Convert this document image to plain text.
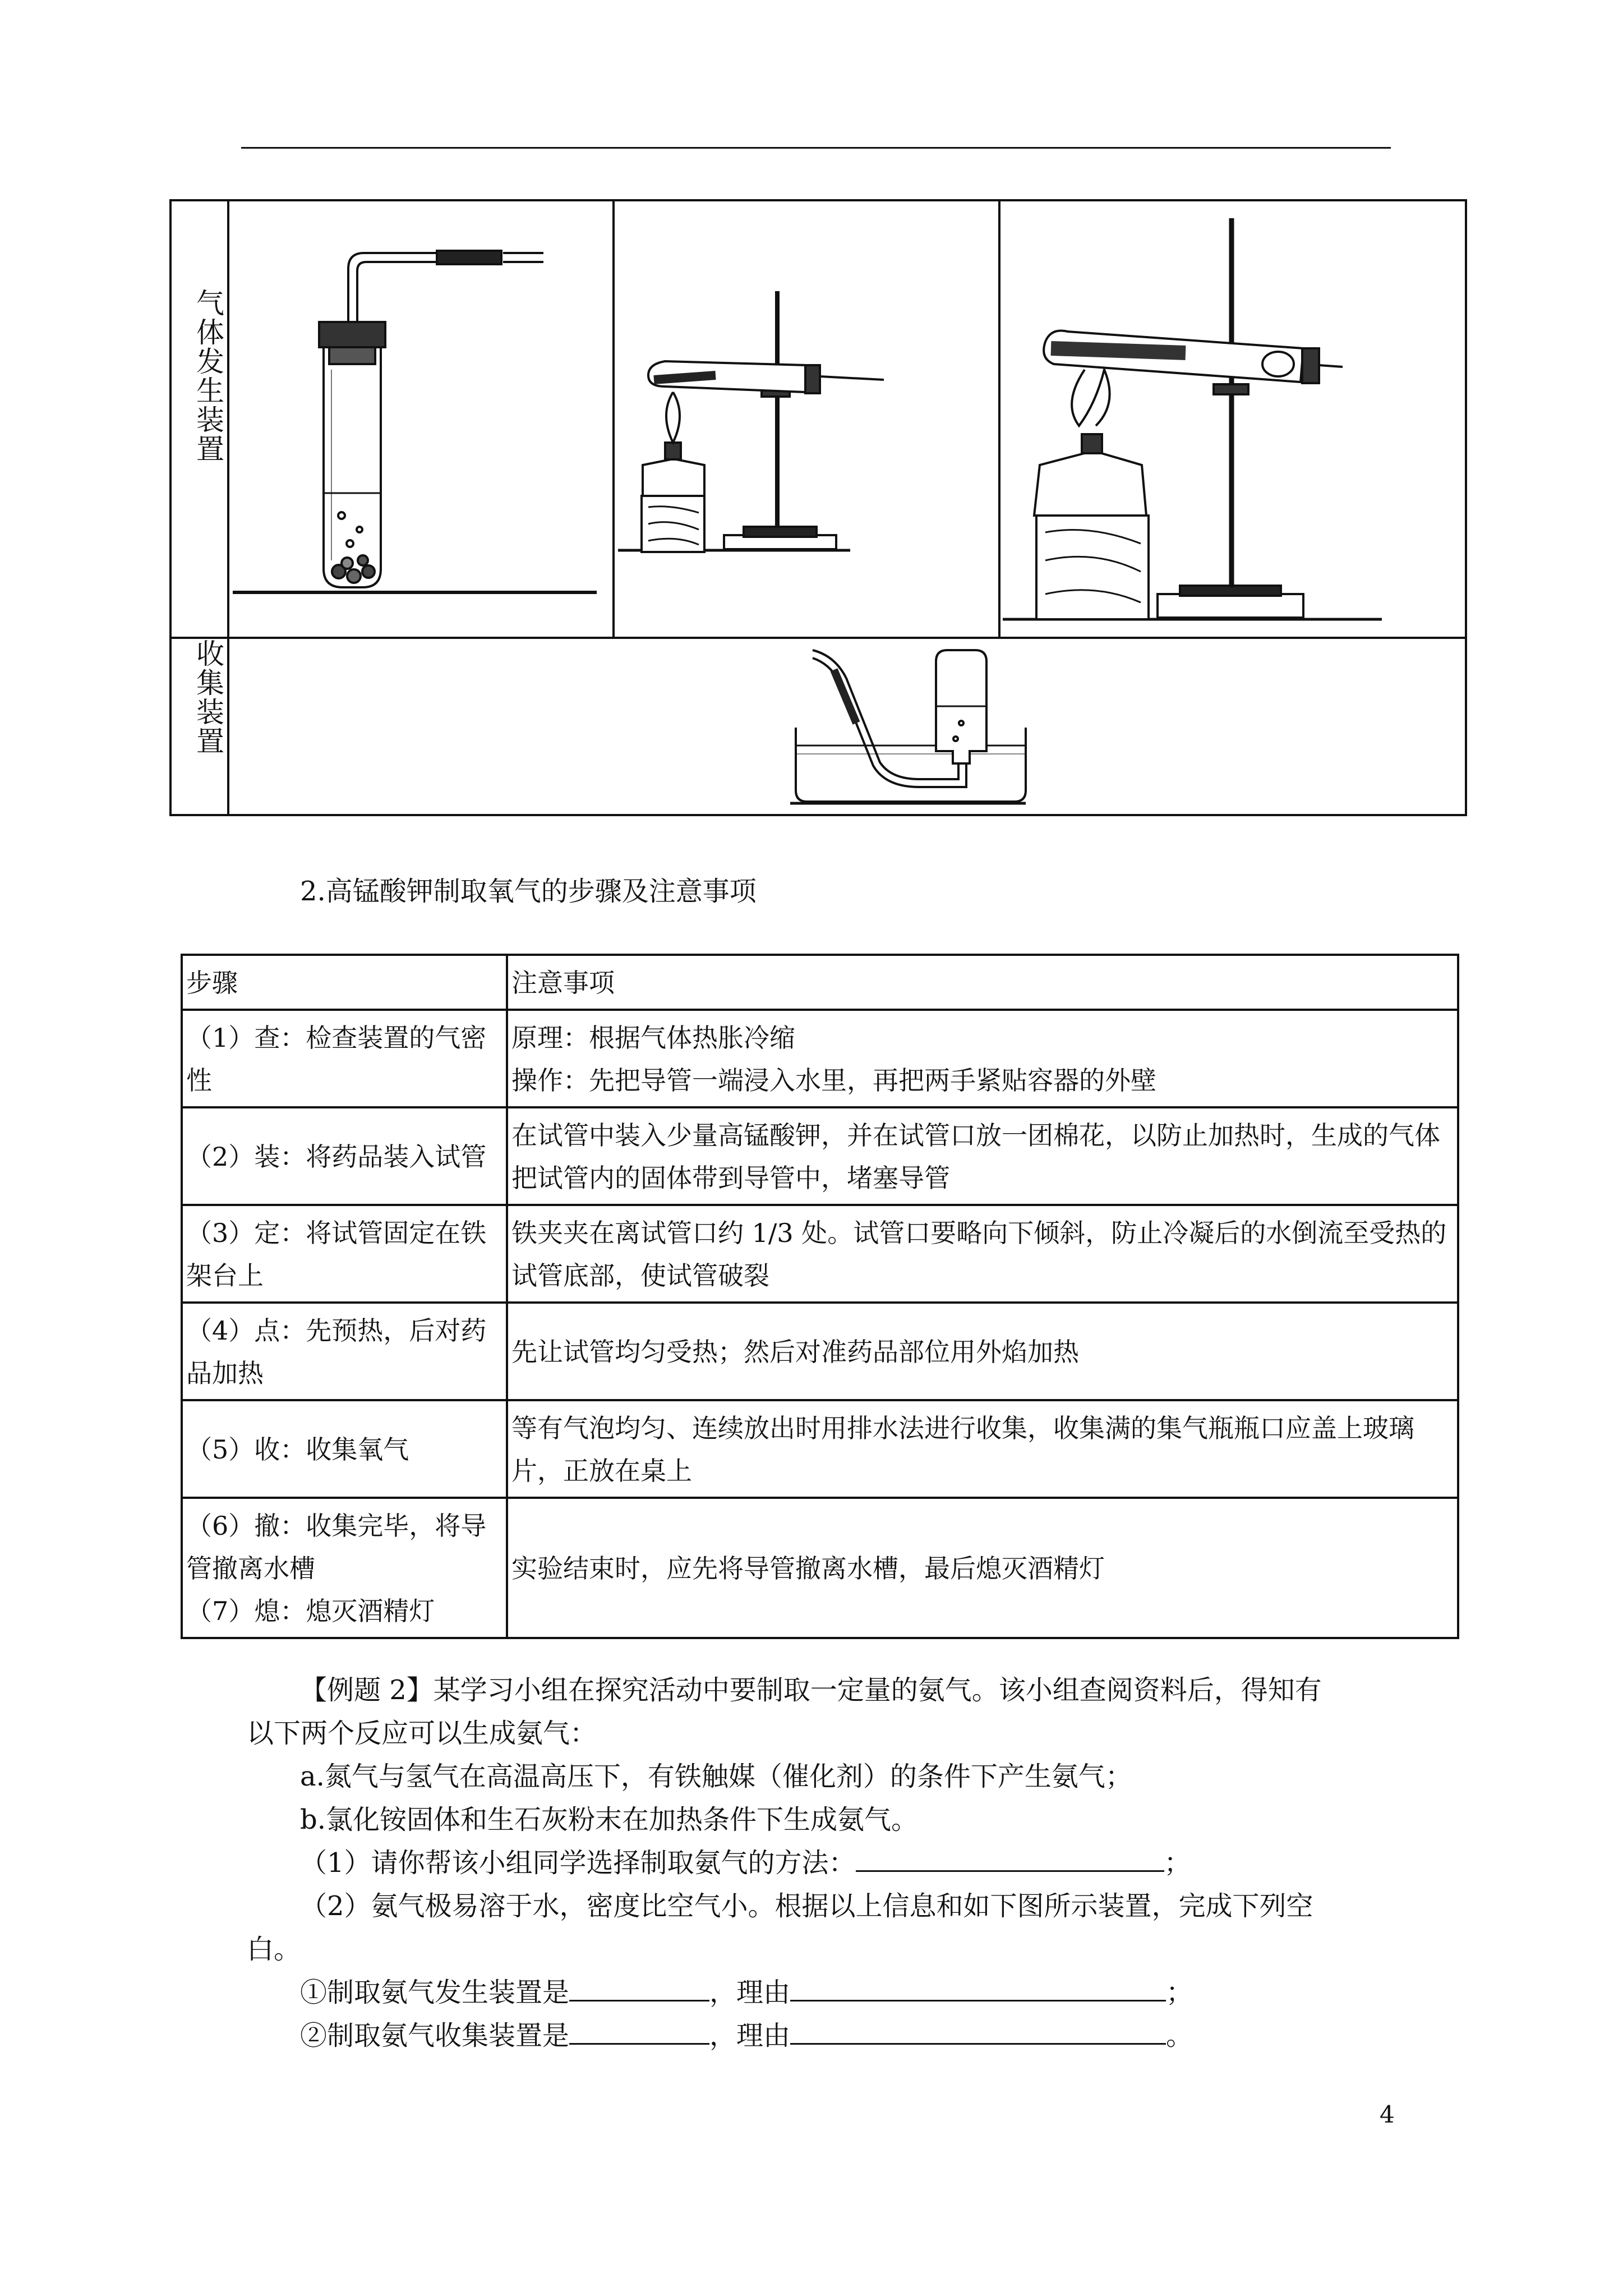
气体发生装置
收集装置
2.高锰酸钾制取氧气的步骤及注意事项
步骤	注意事项
（1）查：检查装置的气密性	原理：根据气体热胀冷缩
操作：先把导管一端浸入水里，再把两手紧贴容器的外壁

（2）装：将药品装入试管	在试管中装入少量高锰酸钾，并在试管口放一团棉花，以防止加热时，生成的气体把试管内的固体带到导管中，堵塞导管
（3）定：将试管固定在铁架台上	铁夹夹在离试管口约 1/3 处。试管口要略向下倾斜，防止冷凝后的水倒流至受热的试管底部，使试管破裂
（4）点：先预热，后对药品加热	先让试管均匀受热；然后对准药品部位用外焰加热
（5）收：收集氧气	等有气泡均匀、连续放出时用排水法进行收集，收集满的集气瓶瓶口应盖上玻璃片，正放在桌上

（6）撤：收集完毕，将导管撤离水槽
（7）熄：熄灭酒精灯	实验结束时，应先将导管撤离水槽，最后熄灭酒精灯
【例题 2】某学习小组在探究活动中要制取一定量的氨气。该小组查阅资料后，得知有
以下两个反应可以生成氨气：
a.氮气与氢气在高温高压下，有铁触媒（催化剂）的条件下产生氨气；
b.氯化铵固体和生石灰粉末在加热条件下生成氨气。
（1）请你帮该小组同学选择制取氨气的方法：	；
（2）氨气极易溶于水，密度比空气小。根据以上信息和如下图所示装置，完成下列空
白。
①制取氨气发生装置是	，理由	；
②制取氨气收集装置是	，理由	。
4
